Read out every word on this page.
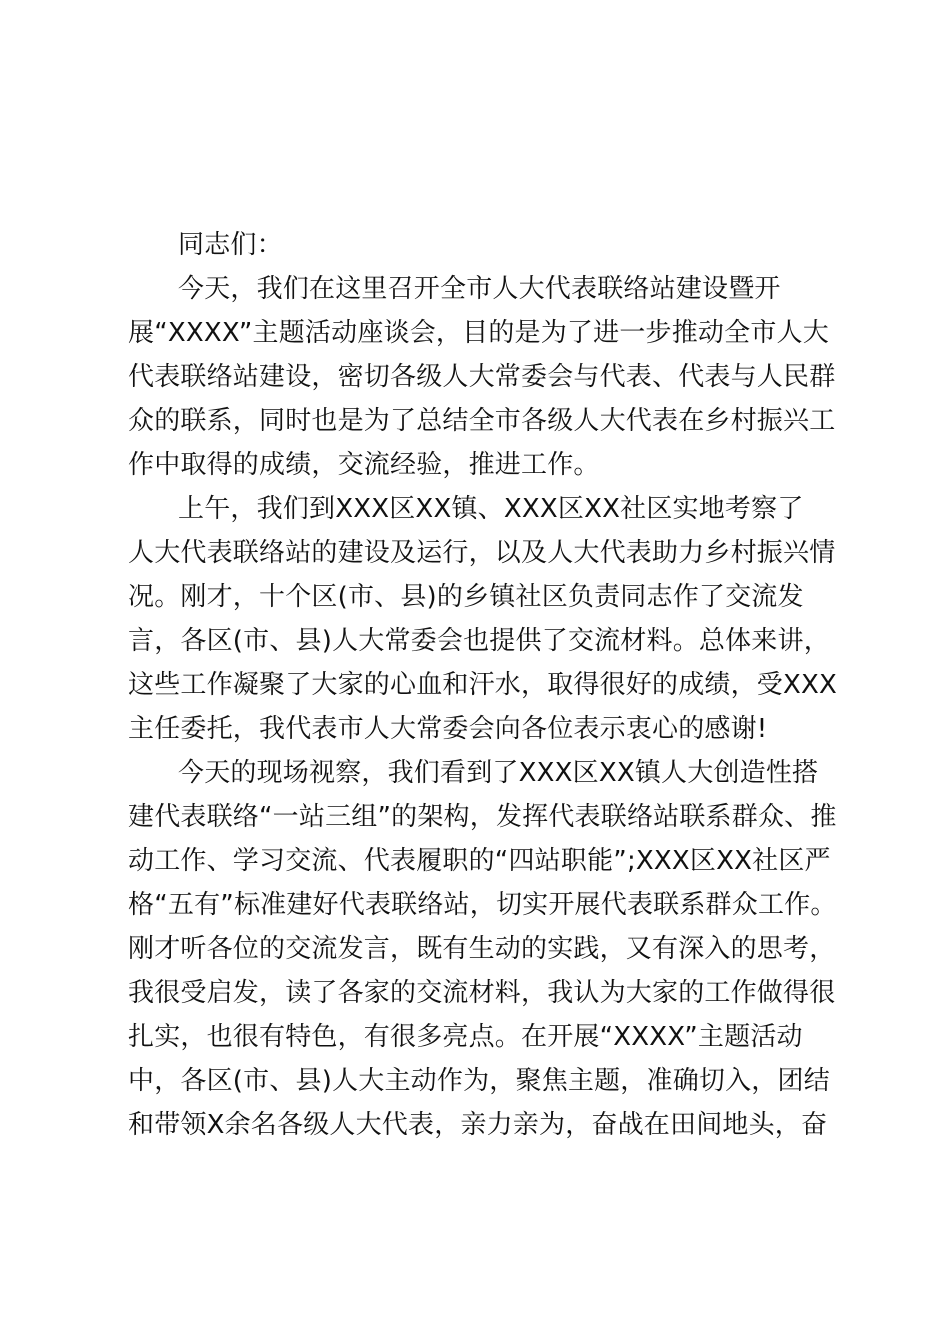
同志们：
今天，我们在这里召开全市人大代表联络站建设暨开
展“XXXX”主题活动座谈会，目的是为了进一步推动全市人大
代表联络站建设，密切各级人大常委会与代表、代表与人民群
众的联系，同时也是为了总结全市各级人大代表在乡村振兴工
作中取得的成绩，交流经验，推进工作。
上午，我们到XXX区XX镇、XXX区XX社区实地考察了
人大代表联络站的建设及运行，以及人大代表助力乡村振兴情
况。刚才，十个区(市、县)的乡镇社区负责同志作了交流发
言，各区(市、县)人大常委会也提供了交流材料。总体来讲，
这些工作凝聚了大家的心血和汗水，取得很好的成绩，受XXX
主任委托，我代表市人大常委会向各位表示衷心的感谢!
今天的现场视察，我们看到了XXX区XX镇人大创造性搭
建代表联络“一站三组”的架构，发挥代表联络站联系群众、推
动工作、学习交流、代表履职的“四站职能”;XXX区XX社区严
格“五有”标准建好代表联络站，切实开展代表联系群众工作。
刚才听各位的交流发言，既有生动的实践，又有深入的思考，
我很受启发，读了各家的交流材料，我认为大家的工作做得很
扎实，也很有特色，有很多亮点。在开展“XXXX”主题活动
中，各区(市、县)人大主动作为，聚焦主题，准确切入，团结
和带领X余名各级人大代表，亲力亲为，奋战在田间地头，奋
